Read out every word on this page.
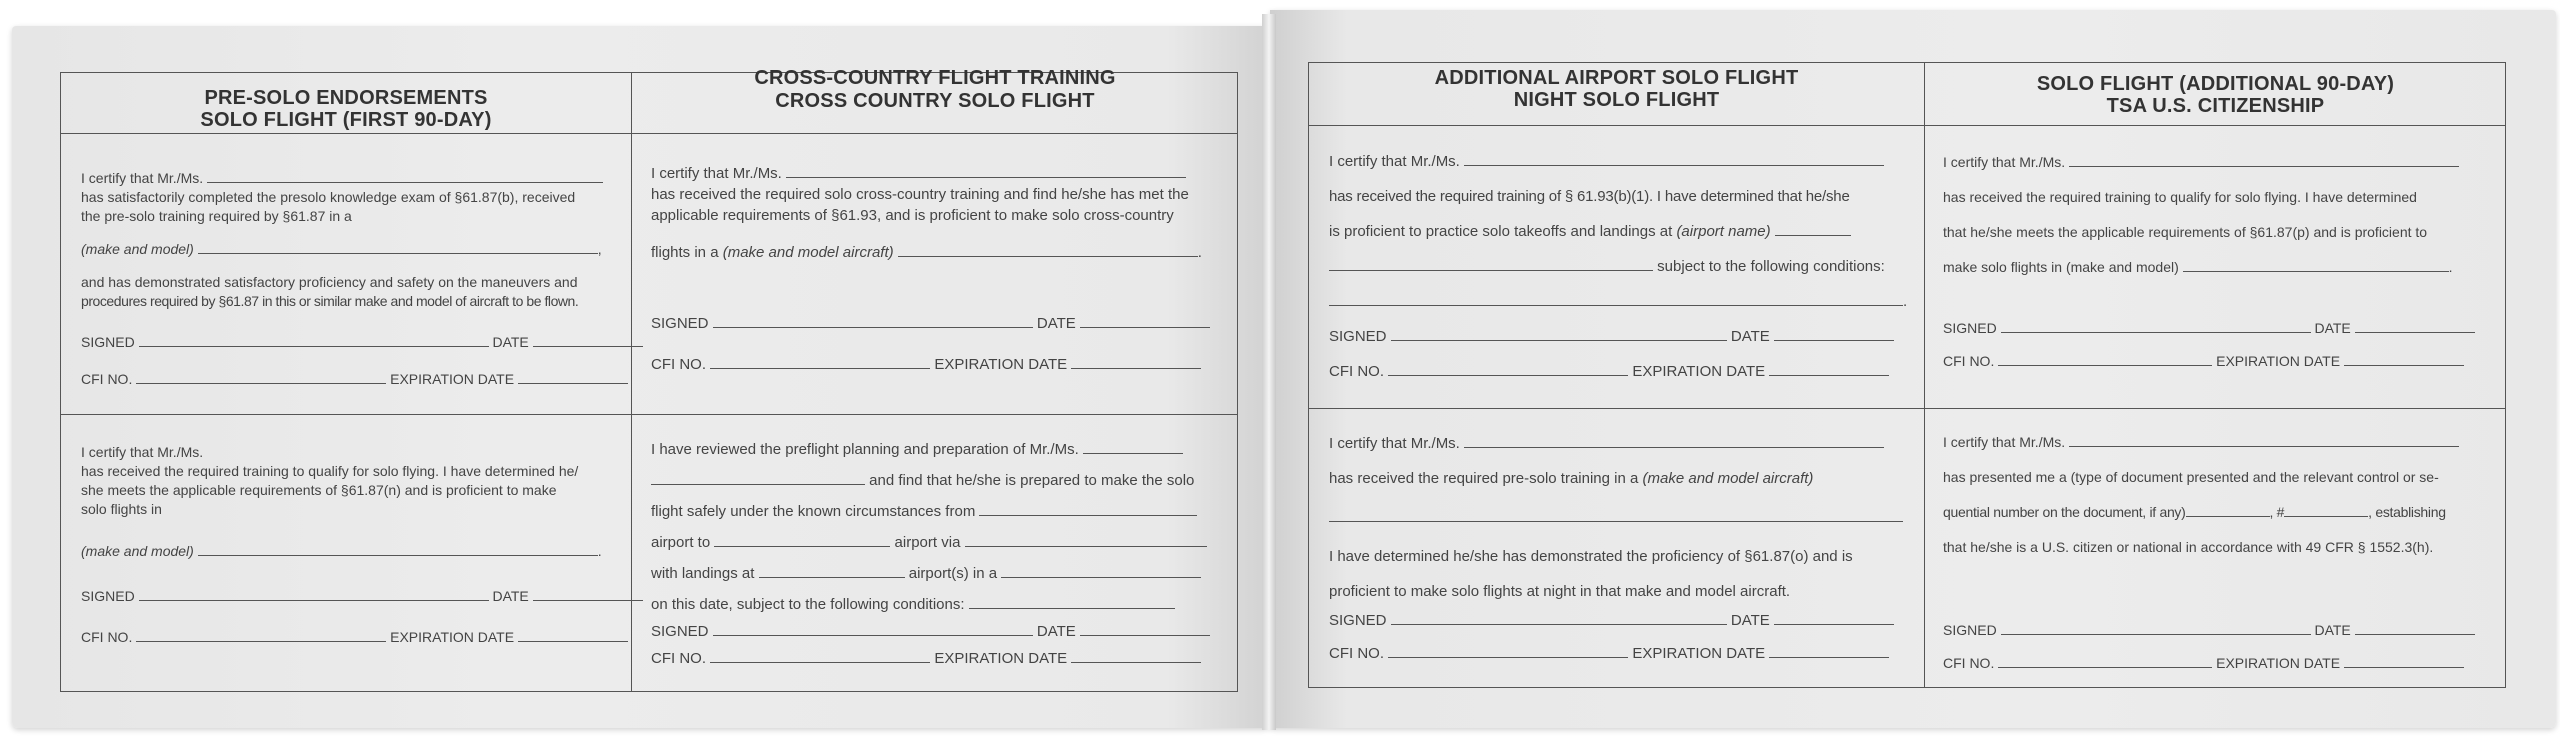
PRE-SOLO ENDORSEMENTS
SOLO FLIGHT (FIRST 90-DAY)
CROSS-COUNTRY FLIGHT TRAINING
CROSS COUNTRY SOLO FLIGHT

I certify that Mr./Ms.

has satisfactorily completed the presolo knowledge exam of §61.87(b), received

the pre-solo training required by §61.87 in a

(make and model)	,

and has demonstrated satisfactory proficiency and safety on the maneuvers and

procedures required by §61.87 in this or similar make and model of aircraft to be flown.

SIGNED	DATE

CFI NO.	EXPIRATION DATE

I certify that Mr./Ms.

has received the required training to qualify for solo flying. I have determined he/

she meets the applicable requirements of §61.87(n) and is proficient to make

solo flights in

(make and model)	.

SIGNED	DATE

CFI NO.	EXPIRATION DATE

I certify that Mr./Ms.

has received the required solo cross-country training and find he/she has met the

applicable requirements of §61.93, and is proficient to make solo cross-country

flights in a (make and model aircraft)	.

SIGNED	DATE

CFI NO.	EXPIRATION DATE

I have reviewed the preflight planning and preparation of Mr./Ms.

and find that he/she is prepared to make the solo

flight safely under the known circumstances from

airport to	airport via

with landings at	airport(s) in a

on this date, subject to the following conditions:

SIGNED	DATE

CFI NO.	EXPIRATION DATE

ADDITIONAL AIRPORT SOLO FLIGHT
NIGHT SOLO FLIGHT
SOLO FLIGHT (ADDITIONAL 90-DAY)
TSA U.S. CITIZENSHIP

I certify that Mr./Ms.

has received the required training of § 61.93(b)(1). I have determined that he/she

is proficient to practice solo takeoffs and landings at (airport name)

subject to the following conditions:

.

SIGNED	DATE

CFI NO.	EXPIRATION DATE

I certify that Mr./Ms.

has received the required pre-solo training in a (make and model aircraft)

I have determined he/she has demonstrated the proficiency of §61.87(o) and is

proficient to make solo flights at night in that make and model aircraft.

SIGNED	DATE

CFI NO.	EXPIRATION DATE

I certify that Mr./Ms.

has received the required training to qualify for solo flying. I have determined

that he/she meets the applicable requirements of §61.87(p) and is proficient to

make solo flights in (make and model)	.

SIGNED	DATE

CFI NO.	EXPIRATION DATE

I certify that Mr./Ms.

has presented me a (type of document presented and the relevant control or se-

quential number on the document, if any)	, #	, establishing

that he/she is a U.S. citizen or national in accordance with 49 CFR § 1552.3(h).

SIGNED	DATE

CFI NO.	EXPIRATION DATE
